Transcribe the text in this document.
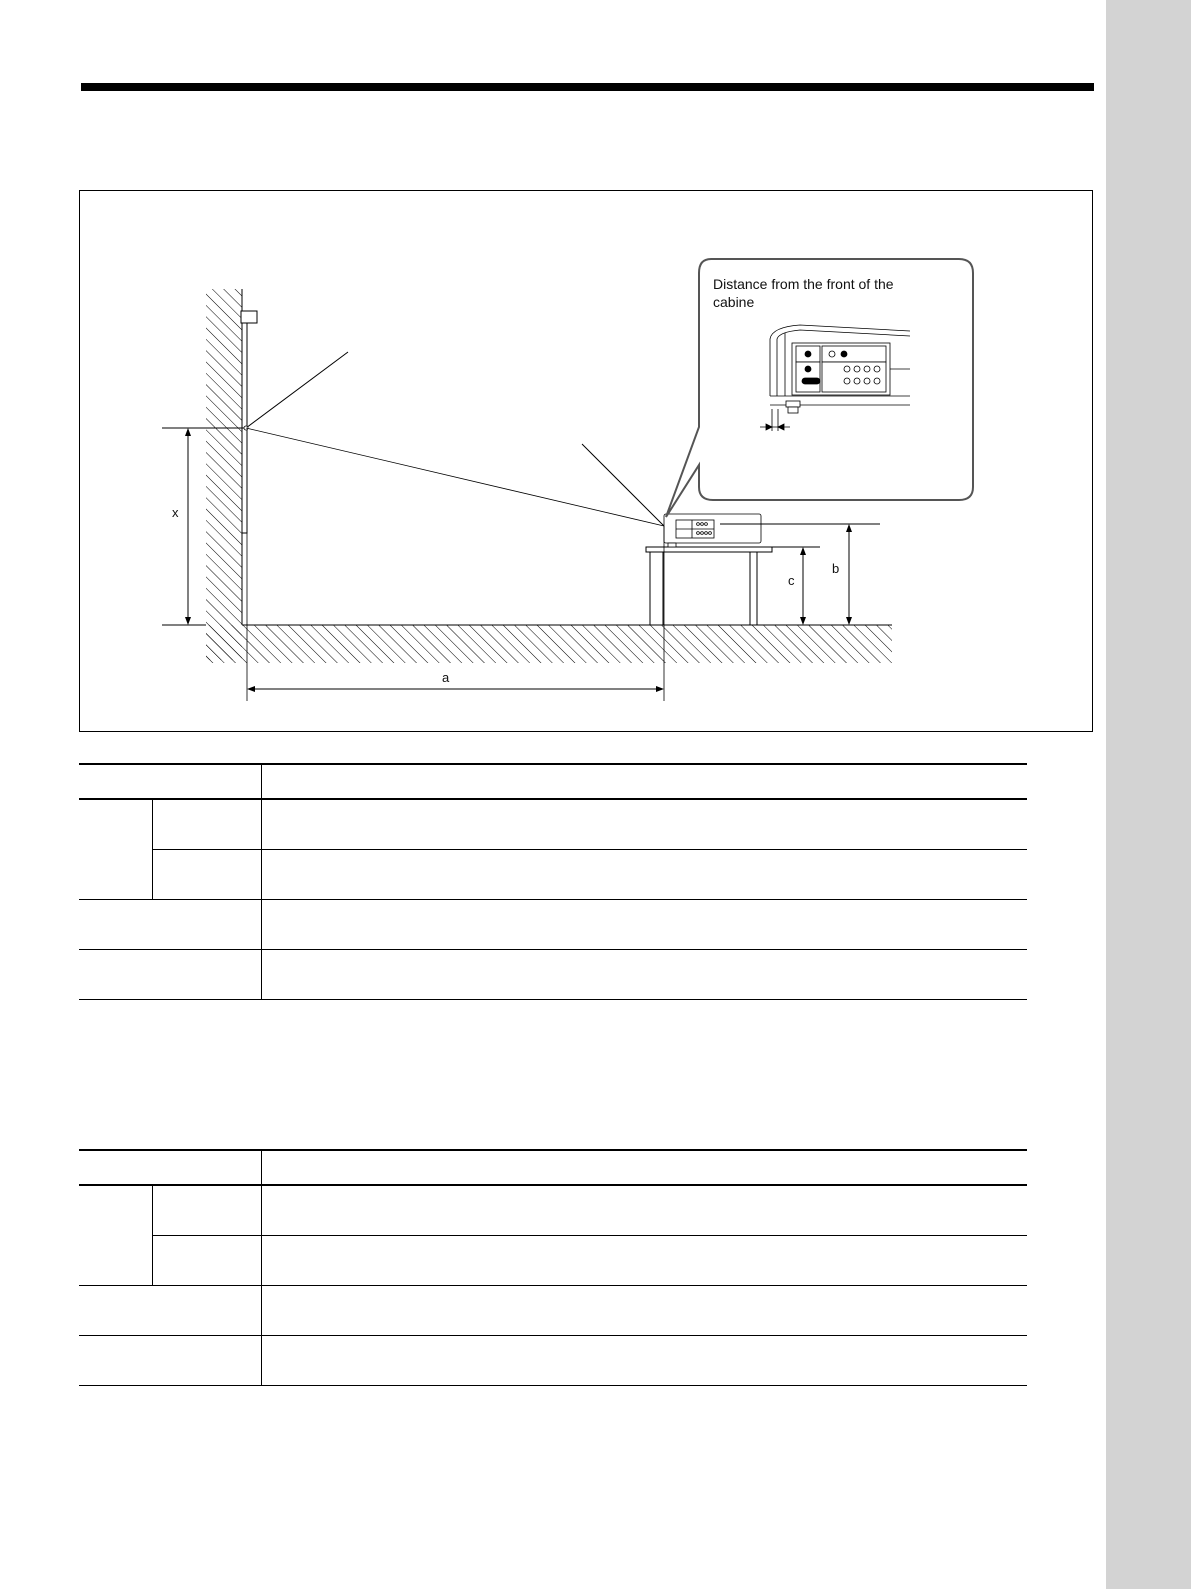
x
b
c
a
Distance from the front of the
cabine
